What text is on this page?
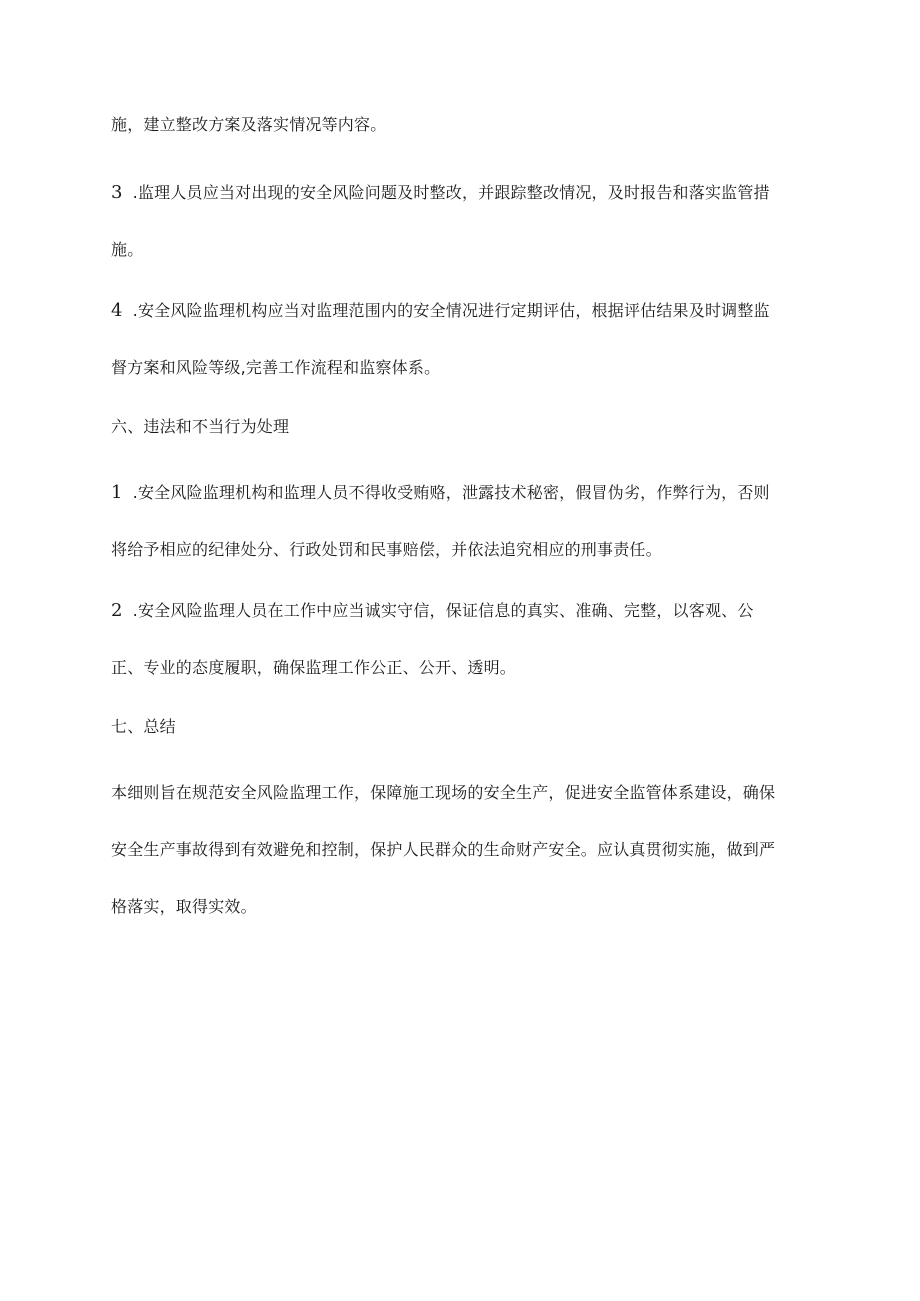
施，建立整改方案及落实情况等内容。

3 .监理人员应当对出现的安全风险问题及时整改，并跟踪整改情况，及时报告和落实监管措
施。

4 .安全风险监理机构应当对监理范围内的安全情况进行定期评估，根据评估结果及时调整监
督方案和风险等级,完善工作流程和监察体系。

六、违法和不当行为处理

1 .安全风险监理机构和监理人员不得收受贿赂，泄露技术秘密，假冒伪劣，作弊行为，否则
将给予相应的纪律处分、行政处罚和民事赔偿，并依法追究相应的刑事责任。

2 .安全风险监理人员在工作中应当诚实守信，保证信息的真实、准确、完整，以客观、公
正、专业的态度履职，确保监理工作公正、公开、透明。

七、总结

本细则旨在规范安全风险监理工作，保障施工现场的安全生产，促进安全监管体系建设，确保
安全生产事故得到有效避免和控制，保护人民群众的生命财产安全。应认真贯彻实施，做到严
格落实，取得实效。
